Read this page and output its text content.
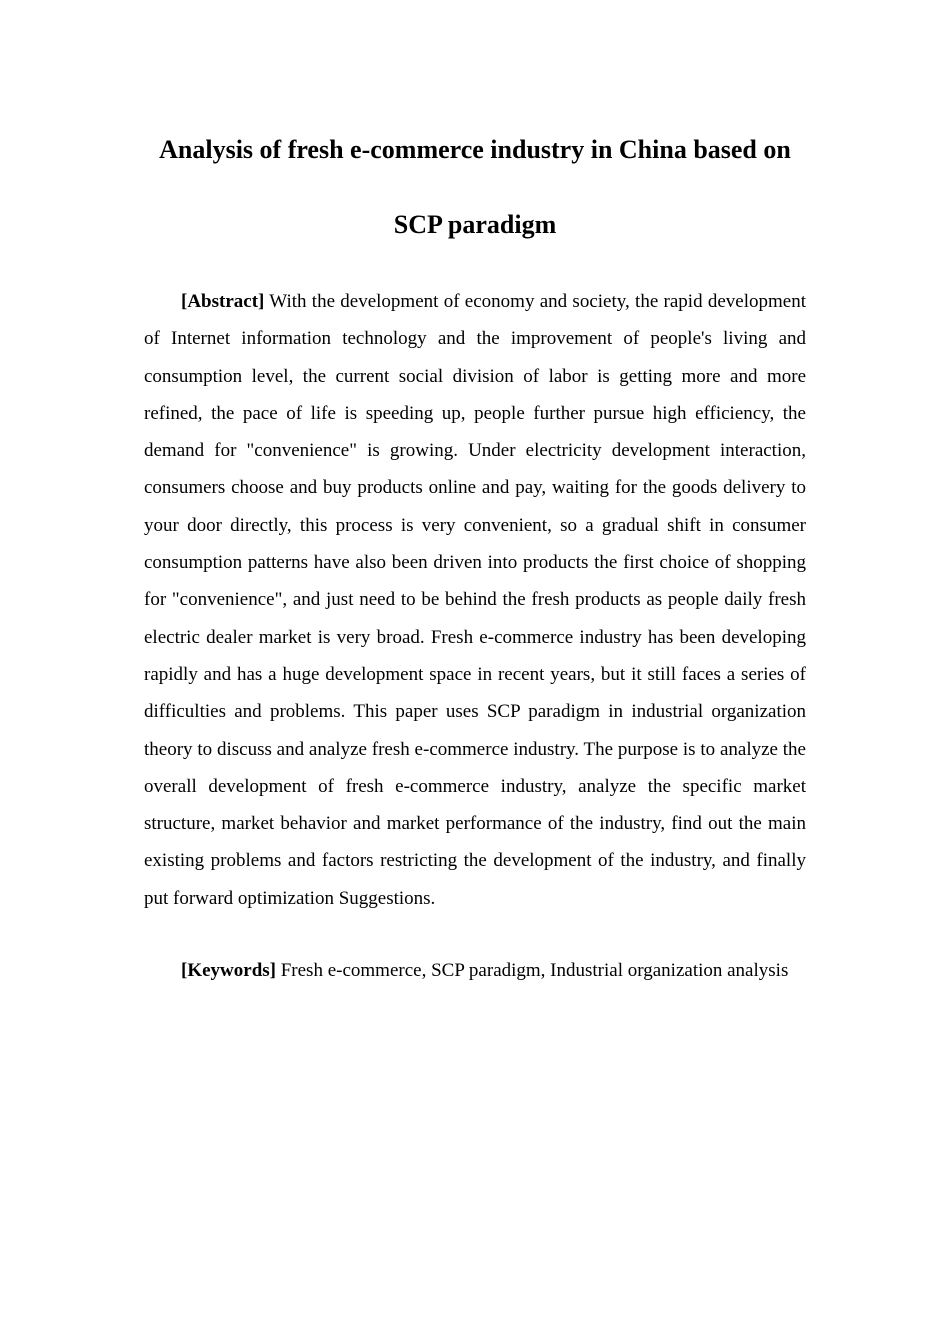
Analysis of fresh e-commerce industry in China based on
SCP paradigm

[Abstract] With the development of economy and society, the rapid development of Internet information technology and the improvement of people's living and consumption level, the current social division of labor is getting more and more refined, the pace of life is speeding up, people further pursue high efficiency, the demand for "convenience" is growing. Under electricity development interaction, consumers choose and buy products online and pay, waiting for the goods delivery to your door directly, this process is very convenient, so a gradual shift in consumer consumption patterns have also been driven into products the first choice of shopping for "convenience", and just need to be behind the fresh products as people daily fresh electric dealer market is very broad. Fresh e-commerce industry has been developing rapidly and has a huge development space in recent years, but it still faces a series of difficulties and problems. This paper uses SCP paradigm in industrial organization theory to discuss and analyze fresh e-commerce industry. The purpose is to analyze the overall development of fresh e-commerce industry, analyze the specific market structure, market behavior and market performance of the industry, find out the main existing problems and factors restricting the development of the industry, and finally put forward optimization Suggestions.

[Keywords] Fresh e-commerce, SCP paradigm, Industrial organization analysis
